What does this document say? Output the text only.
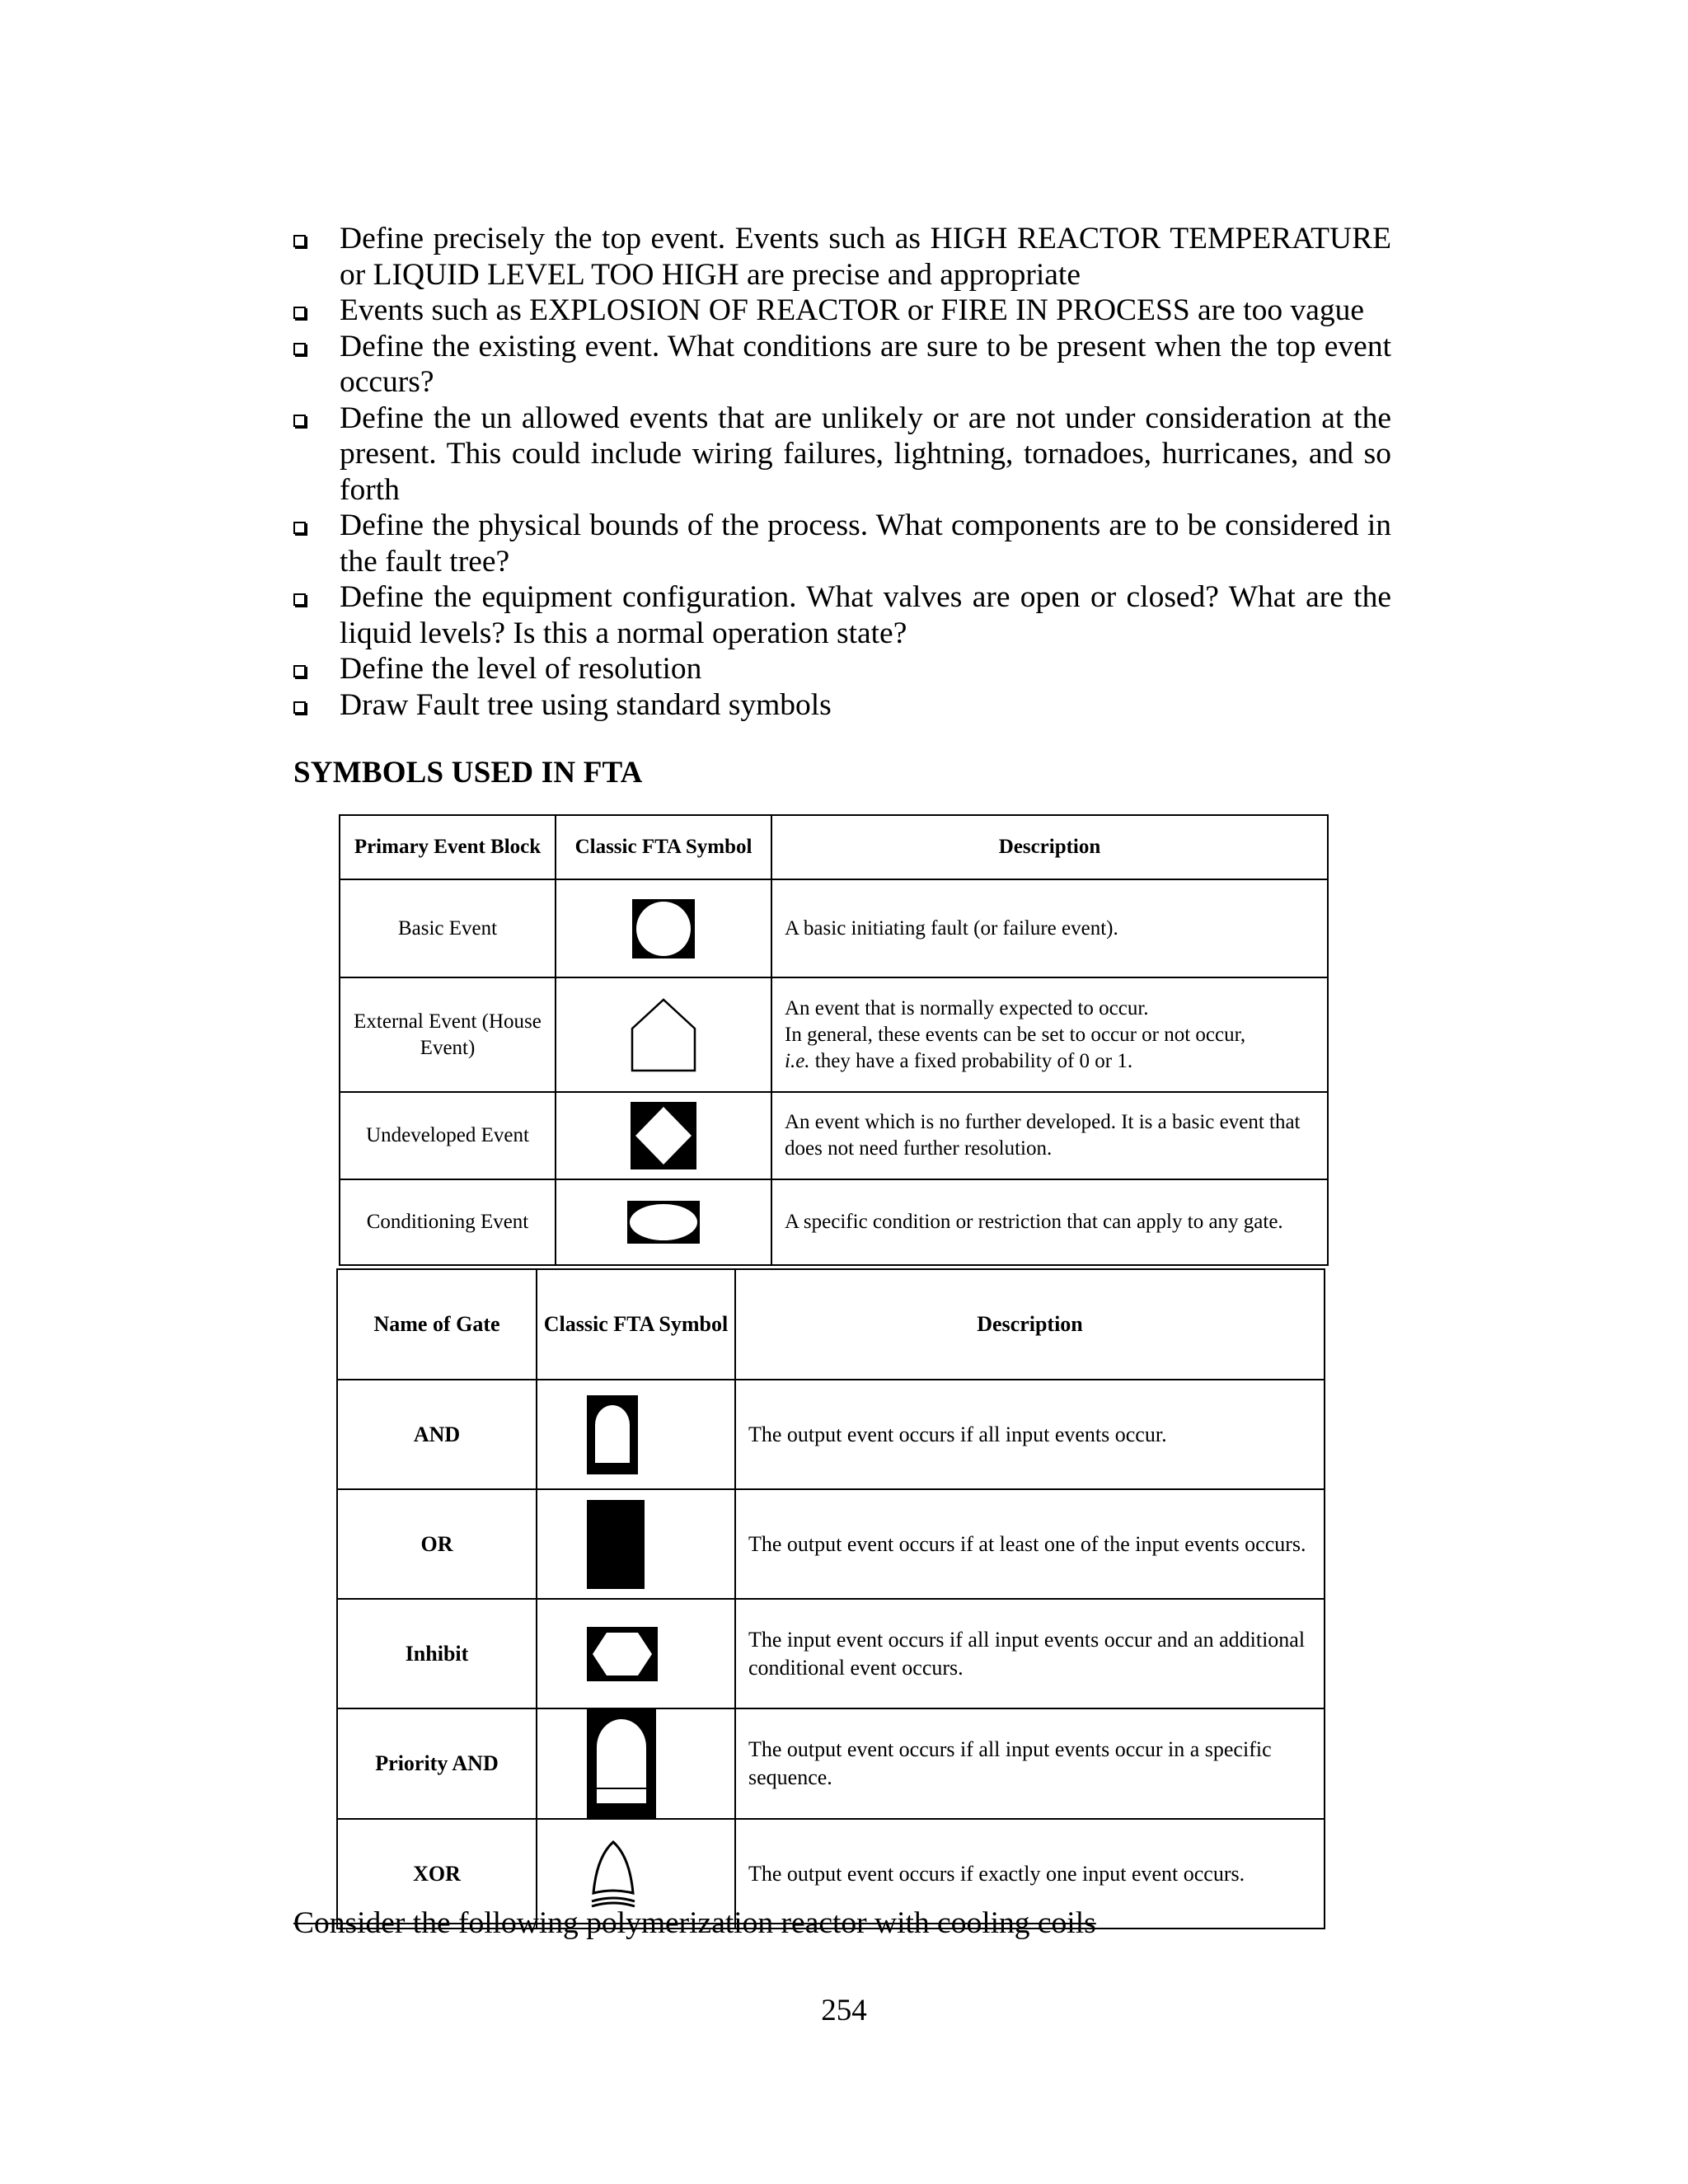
Define precisely the top event. Events such as HIGH REACTOR TEMPERATURE or LIQUID LEVEL TOO HIGH are precise and appropriate
Events such as EXPLOSION OF REACTOR or FIRE IN PROCESS are too vague
Define the existing event. What conditions are sure to be present when the top event occurs?
Define the un allowed events that are unlikely or are not under consideration at the present. This could include wiring failures, lightning, tornadoes, hurricanes, and so forth
Define the physical bounds of the process. What components are to be considered in the fault tree?
Define the equipment configuration. What valves are open or closed? What are the liquid levels? Is this a normal operation state?
Define the level of resolution
Draw Fault tree using standard symbols
SYMBOLS USED IN FTA
Primary Event Block	Classic FTA Symbol	Description
Basic Event		A basic initiating fault (or failure event).
External Event (House Event)		An event that is normally expected to occur.
In general, these events can be set to occur or not occur,
i.e. they have a fixed probability of 0 or 1.

Undeveloped Event		An event which is no further developed. It is a basic event that does not need further resolution.
Conditioning Event		A specific condition or restriction that can apply to any gate.
Name of Gate	Classic FTA Symbol	Description
AND		The output event occurs if all input events occur.
OR		The output event occurs if at least one of the input events occurs.
Inhibit		The input event occurs if all input events occur and an additional conditional event occurs.
Priority AND		The output event occurs if all input events occur in a specific sequence.
XOR		The output event occurs if exactly one input event occurs.
Consider the following polymerization reactor with cooling coils
254
